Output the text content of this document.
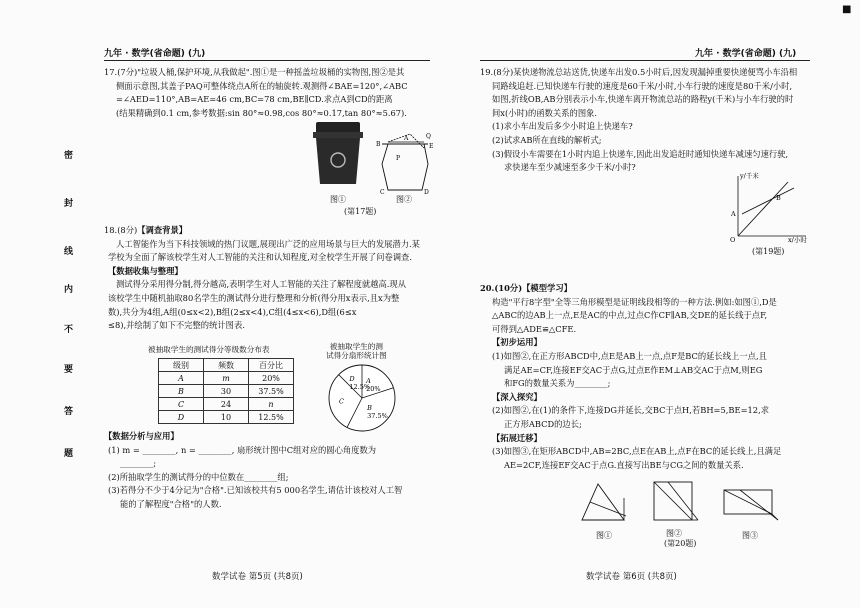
九年 · 数学(省命题) (九)	九年 · 数学(省命题) (九)
■
密
封
线
内
不
要
答
题
17.(7分)"垃圾人桶,保护环境,从我做起".图①是一种摇盖垃圾桶的实物图,图②是其
侧面示意图,其盖子PAQ可整体绕点A所在的轴旋转.观测得∠BAE=120°,∠ABC
=∠AED=110°,AB=AE=46 cm,BC=78 cm,BE∥CD.求点A到CD的距离
(结果精确到0.1 cm,参考数据:sin 80°≈0.98,cos 80°≈0.17,tan 80°≈5.67).
图①
P
A	Q
B	E
C	D
图②
(第17题)
18.(8分)【调查背景】
人工智能作为当下科技领域的热门议题,展现出广泛的应用场景与巨大的发展潜力.某
学校为全面了解该校学生对人工智能的关注和认知程度,对全校学生开展了问卷调查.
【数据收集与整理】
测试得分采用得分制,得分越高,表明学生对人工智能的关注了解程度就越高.现从
该校学生中随机抽取80名学生的测试得分进行整理和分析(得分用x表示,且x为整
数),共分为4组,A组(0≤x<2),B组(2≤x<4),C组(4≤x<6),D组(6≤x
≤8),并绘制了如下不完整的统计图表.
被抽取学生的测试得分等级数分布表
级别	频数	百分比
A	m	20%
B	30	37.5%
C	24	n
D	10	12.5%
被抽取学生的测
试得分扇形统计图
D
12.5%
A
20%
B
37.5%
C
【数据分析与应用】
(1) m = ________, n = ________, 扇形统计图中C组对应的圆心角度数为
________;
(2)所抽取学生的测试得分的中位数在________组;
(3)若得分不少于4分记为"合格".已知该校共有5 000名学生,请估计该校对人工智
能的了解程度"合格"的人数.
19.(8分)某快递物流总站送货,快递车出发0.5小时后,因发现漏掉重要快递便骂小车沿相
同路线追赶.已知快递车行驶的速度是60千米/小时,小车行驶的速度是80千米/小时,
如图,折线OB,AB分别表示小车,快递车离开物流总站的路程y(千米)与小车行驶的时
间x(小时)的函数关系的图象.
(1)求小车出发后多少小时追上快递车?
(2)试求AB所在直线的解析式;
(3)假设小车需要在1小时内追上快递车,因此出发追赶时通知快递车减速匀速行驶,
求快递车至少减速至多少千米/小时?
y/千米
x/小时
A
B
O
(第19题)
20.(10分)【模型学习】
构造"平行8字型"全等三角形模型是证明线段相等的一种方法.例如:如图①,D是
△ABC的边AB上一点,E是AC的中点,过点C作CF∥AB,交DE的延长线于点F,
可得到△ADE≌△CFE.
【初步运用】
(1)如图②,在正方形ABCD中,点E是AB上一点,点F是BC的延长线上一点,且
满足AE=CF,连接EF交AC于点G,过点E作EM⊥AB交AC于点M,则EG
和FG的数量关系为________;
【深入探究】
(2)如图②,在(1)的条件下,连接DG并延长,交BC于点H,若BH=5,BE=12,求
正方形ABCD的边长;
【拓展迁移】
(3)如图③,在矩形ABCD中,AB=2BC,点E在AB上,点F在BC的延长线上,且满足
AE=2CF,连接EF交AC于点G.直接写出BE与CG之间的数量关系.
图①	图②	图③
(第20题)
数学试卷 第5页 (共8页)	数学试卷 第6页 (共8页)
